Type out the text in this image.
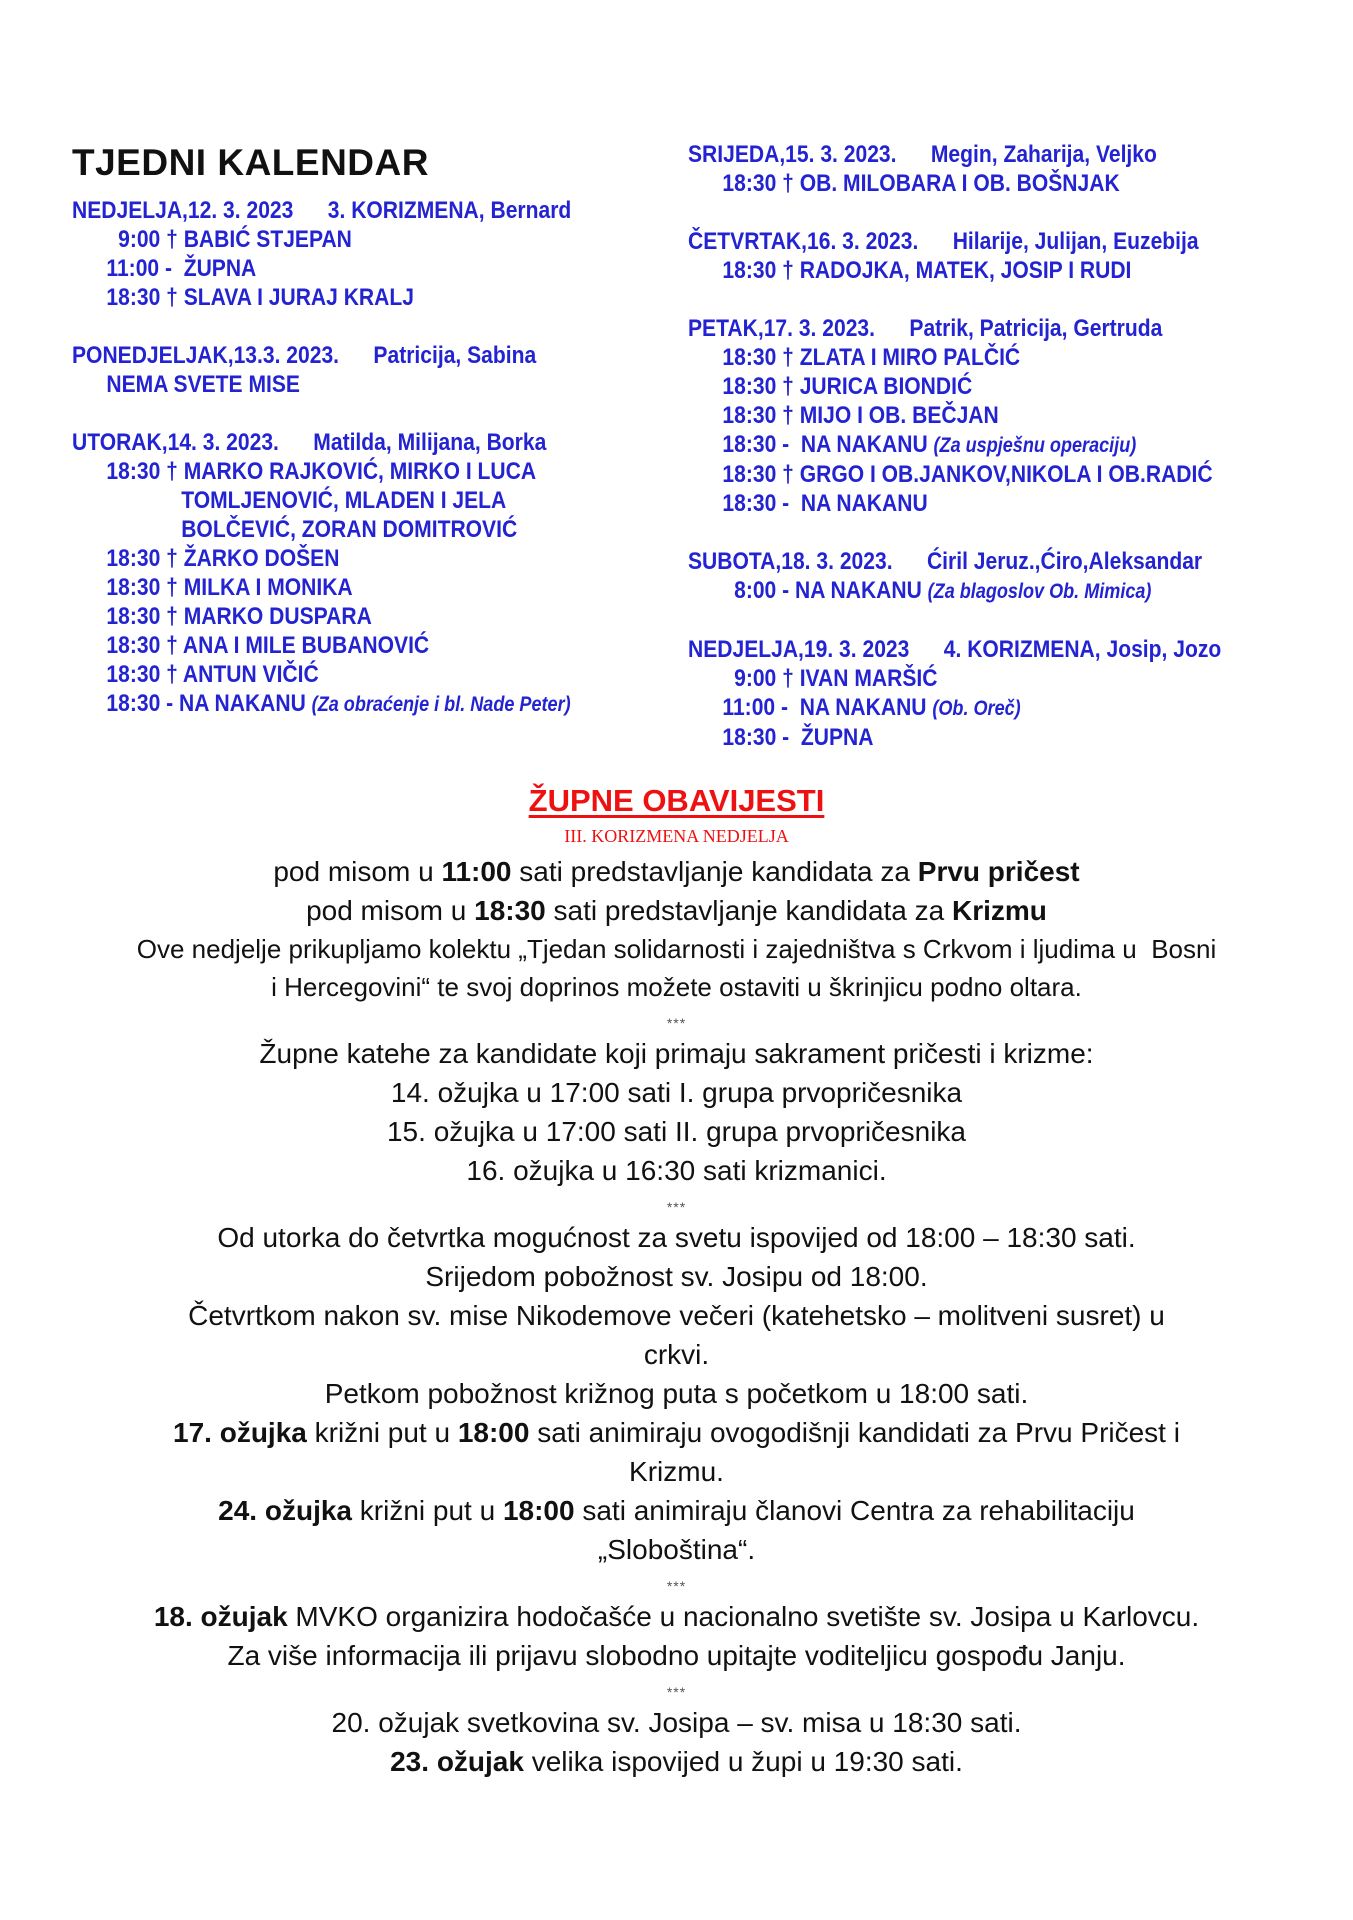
TJEDNI KALENDAR
NEDJELJA,12. 3. 2023 3. KORIZMENA, Bernard
9:00 † BABIĆ STJEPAN
11:00 -  ŽUPNA
18:30 † SLAVA I JURAJ KRALJ
PONEDJELJAK,13.3. 2023. Patricija, Sabina
NEMA SVETE MISE
UTORAK,14. 3. 2023. Matilda, Milijana, Borka
18:30 † MARKO RAJKOVIĆ, MIRKO I LUCA
TOMLJENOVIĆ, MLADEN I JELA
BOLČEVIĆ, ZORAN DOMITROVIĆ
18:30 † ŽARKO DOŠEN
18:30 † MILKA I MONIKA
18:30 † MARKO DUSPARA
18:30 † ANA I MILE BUBANOVIĆ
18:30 † ANTUN VIČIĆ
18:30 - NA NAKANU (Za obraćenje i bl. Nade Peter)
SRIJEDA,15. 3. 2023. Megin, Zaharija, Veljko
18:30 † OB. MILOBARA I OB. BOŠNJAK
ČETVRTAK,16. 3. 2023. Hilarije, Julijan, Euzebija
18:30 † RADOJKA, MATEK, JOSIP I RUDI
PETAK,17. 3. 2023. Patrik, Patricija, Gertruda
18:30 † ZLATA I MIRO PALČIĆ
18:30 † JURICA BIONDIĆ
18:30 † MIJO I OB. BEČJAN
18:30 -  NA NAKANU (Za uspješnu operaciju)
18:30 † GRGO I OB.JANKOV,NIKOLA I OB.RADIĆ
18:30 -  NA NAKANU
SUBOTA,18. 3. 2023. Ćiril Jeruz.,Ćiro,Aleksandar
8:00 - NA NAKANU (Za blagoslov Ob. Mimica)
NEDJELJA,19. 3. 2023 4. KORIZMENA, Josip, Jozo
9:00 † IVAN MARŠIĆ
11:00 -  NA NAKANU (Ob. Oreč)
18:30 -  ŽUPNA
ŽUPNE OBAVIJESTI
III. KORIZMENA NEDJELJA
pod misom u 11:00 sati predstavljanje kandidata za Prvu pričest
pod misom u 18:30 sati predstavljanje kandidata za Krizmu
Ove nedjelje prikupljamo kolektu „Tjedan solidarnosti i zajedništva s Crkvom i ljudima u  Bosni
i Hercegovini“ te svoj doprinos možete ostaviti u škrinjicu podno oltara.
***
Župne katehe za kandidate koji primaju sakrament pričesti i krizme:
14. ožujka u 17:00 sati I. grupa prvopričesnika
15. ožujka u 17:00 sati II. grupa prvopričesnika
16. ožujka u 16:30 sati krizmanici.
***
Od utorka do četvrtka mogućnost za svetu ispovijed od 18:00 – 18:30 sati.
Srijedom pobožnost sv. Josipu od 18:00.
Četvrtkom nakon sv. mise Nikodemove večeri (katehetsko – molitveni susret) u
crkvi.
Petkom pobožnost križnog puta s početkom u 18:00 sati.
17. ožujka križni put u 18:00 sati animiraju ovogodišnji kandidati za Prvu Pričest i
Krizmu.
24. ožujka križni put u 18:00 sati animiraju članovi Centra za rehabilitaciju
„Sloboština“.
***
18. ožujak MVKO organizira hodočašće u nacionalno svetište sv. Josipa u Karlovcu.
Za više informacija ili prijavu slobodno upitajte voditeljicu gospođu Janju.
***
20. ožujak svetkovina sv. Josipa – sv. misa u 18:30 sati.
23. ožujak velika ispovijed u župi u 19:30 sati.
